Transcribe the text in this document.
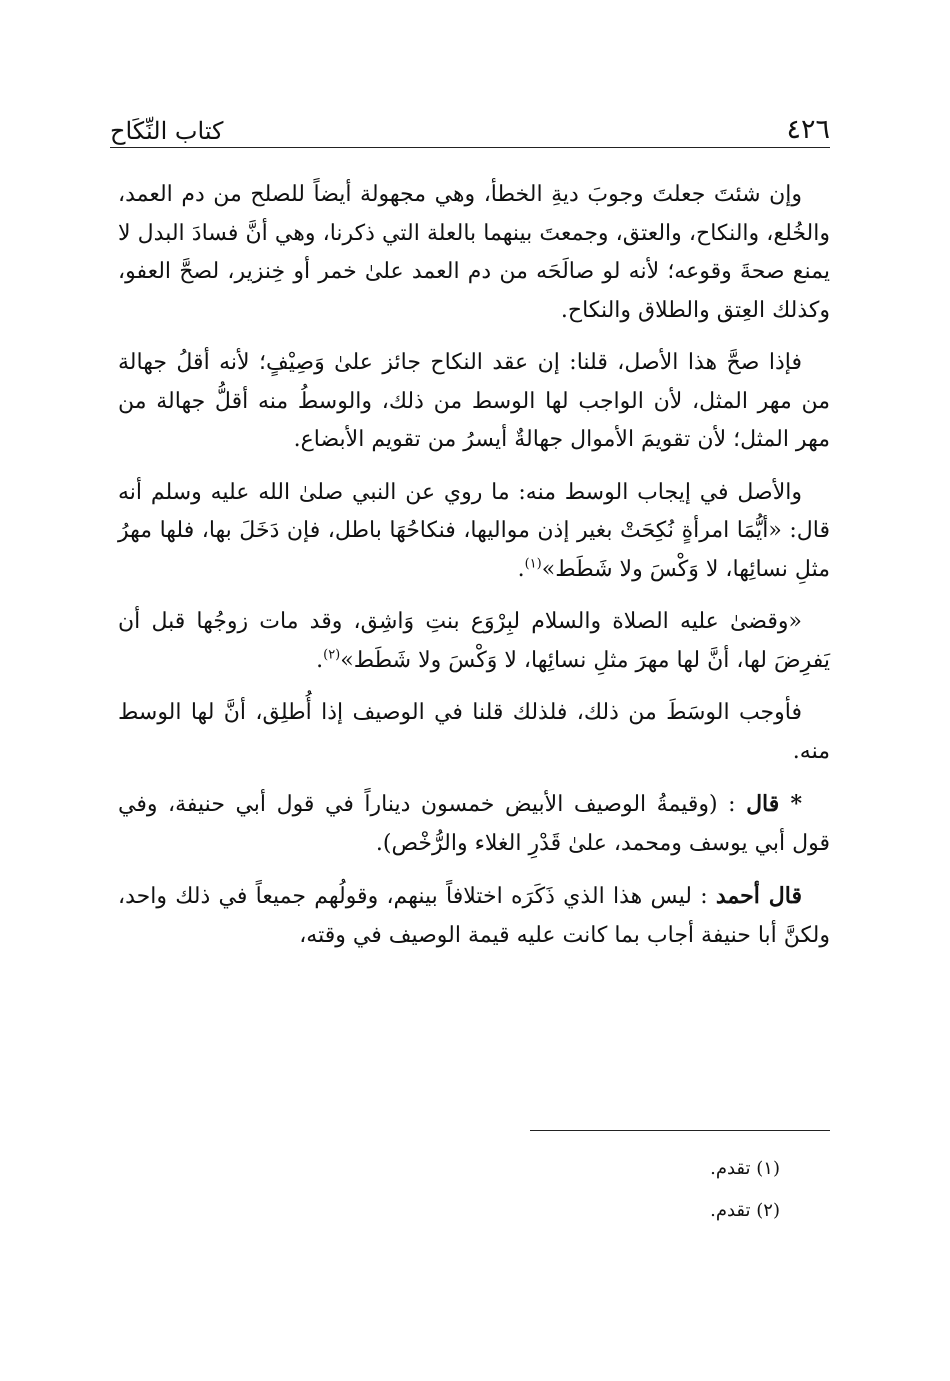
٤٢٦
كتاب النِّكَاح

وإن شئتَ جعلتَ وجوبَ ديةِ الخطأ، وهي مجهولة أيضاً للصلح من دم العمد، والخُلع، والنكاح، والعتق، وجمعتَ بينهما بالعلة التي ذكرنا، وهي أنَّ فسادَ البدل لا يمنع صحةَ وقوعه؛ لأنه لو صالَحَه من دم العمد علىٰ خمر أو خِنزير، لصحَّ العفو، وكذلك العِتق والطلاق والنكاح.

فإذا صحَّ هذا الأصل، قلنا: إن عقد النكاح جائز علىٰ وَصِيْفٍ؛ لأنه أقلُ جهالة من مهر المثل، لأن الواجب لها الوسط من ذلك، والوسطُ منه أقلُّ جهالة من مهر المثل؛ لأن تقويمَ الأموال جهالةٌ أيسرُ من تقويم الأبضاع.

والأصل في إيجاب الوسط منه: ما روي عن النبي صلىٰ الله عليه وسلم أنه قال: «أيُّمَا امرأةٍ نُكِحَتْ بغير إذن مواليها، فنكاحُهَا باطل، فإن دَخَلَ بها، فلها مهرُ مثلِ نسائِها، لا وَكْسَ ولا شَطَط»$^{(١)}$.

«وقضىٰ عليه الصلاة والسلام لبِرْوَع بنتِ وَاشِق، وقد مات زوجُها قبل أن يَفرِضَ لها، أنَّ لها مهرَ مثلِ نسائِها، لا وَكْسَ ولا شَطَط»$^{(٢)}$.

فأوجب الوسَطَ من ذلك، فلذلك قلنا في الوصيف إذا أُطلِق، أنَّ لها الوسط منه.

* قال : (وقيمةُ الوصيف الأبيض خمسون ديناراً في قول أبي حنيفة، وفي قول أبي يوسف ومحمد، علىٰ قَدْرِ الغلاء والرُّخْص).

قال أحمد : ليس هذا الذي ذَكَرَه اختلافاً بينهم، وقولُهم جميعاً في ذلك واحد، ولكنَّ أبا حنيفة أجاب بما كانت عليه قيمة الوصيف في وقته،

(١) تقدم.
(٢) تقدم.
